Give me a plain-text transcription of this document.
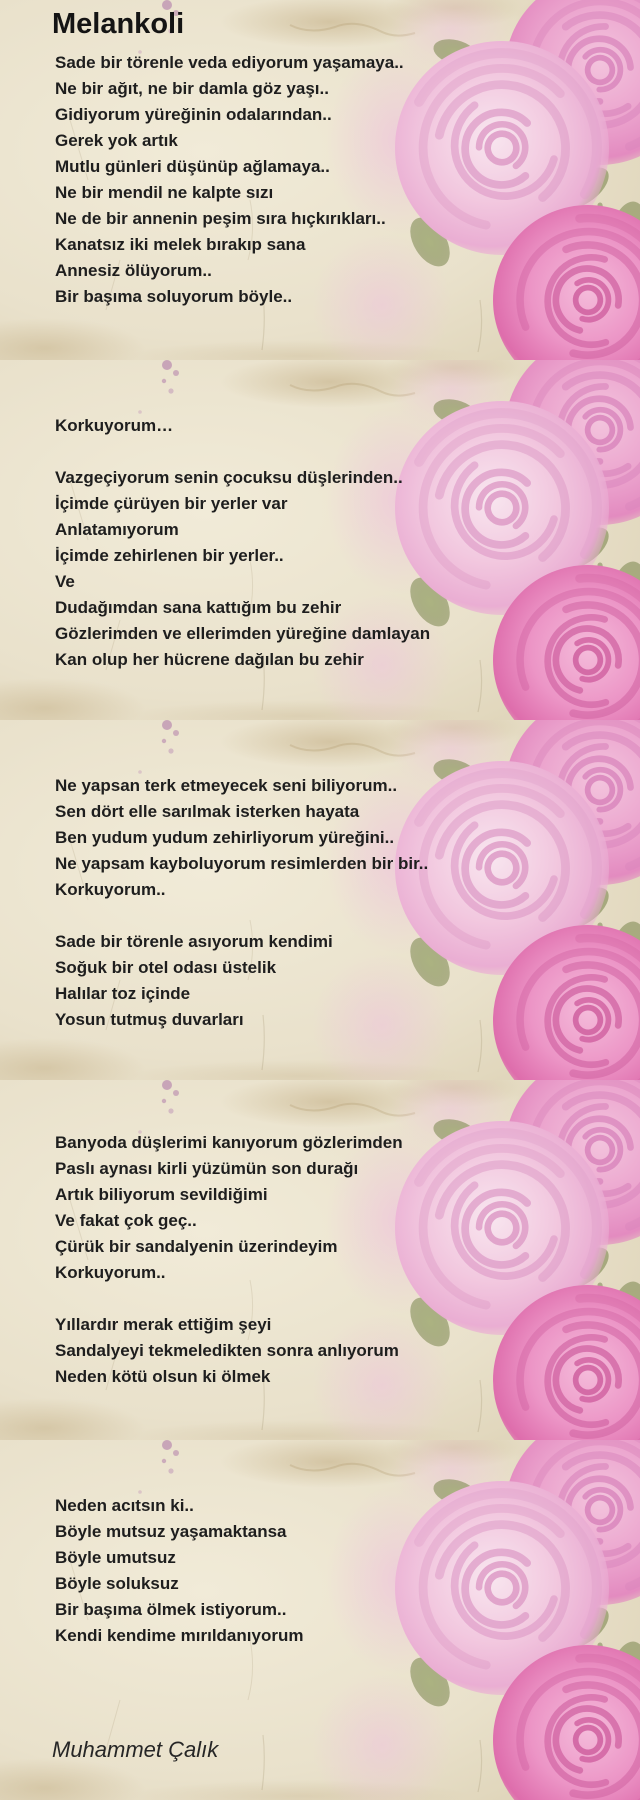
Melankoli
Sade bir törenle veda ediyorum yaşamaya..
Ne bir ağıt, ne bir damla göz yaşı..
Gidiyorum yüreğinin odalarından..
Gerek yok artık
Mutlu günleri düşünüp ağlamaya..
Ne bir mendil ne kalpte sızı
Ne de bir annenin peşim sıra hıçkırıkları..
Kanatsız iki melek bırakıp sana
Annesiz ölüyorum..
Bir başıma soluyorum böyle..
Korkuyorum…
Vazgeçiyorum senin çocuksu düşlerinden..
İçimde çürüyen bir yerler var
Anlatamıyorum
İçimde zehirlenen bir yerler..
Ve
Dudağımdan sana kattığım bu zehir
Gözlerimden ve ellerimden yüreğine damlayan
Kan olup her hücrene dağılan bu zehir
Ne yapsan terk etmeyecek seni biliyorum..
Sen dört elle sarılmak isterken hayata
Ben yudum yudum zehirliyorum yüreğini..
Ne yapsam kayboluyorum resimlerden bir bir..
Korkuyorum..
Sade bir törenle asıyorum kendimi
Soğuk bir otel odası üstelik
Halılar toz içinde
Yosun tutmuş duvarları
Banyoda düşlerimi kanıyorum gözlerimden
Paslı aynası kirli yüzümün son durağı
Artık biliyorum sevildiğimi
Ve fakat çok geç..
Çürük bir sandalyenin üzerindeyim
Korkuyorum..
Yıllardır merak ettiğim şeyi
Sandalyeyi tekmeledikten sonra anlıyorum
Neden kötü olsun ki ölmek
Neden acıtsın ki..
Böyle mutsuz yaşamaktansa
Böyle umutsuz
Böyle soluksuz
Bir başıma ölmek istiyorum..
Kendi kendime mırıldanıyorum
Muhammet Çalık
